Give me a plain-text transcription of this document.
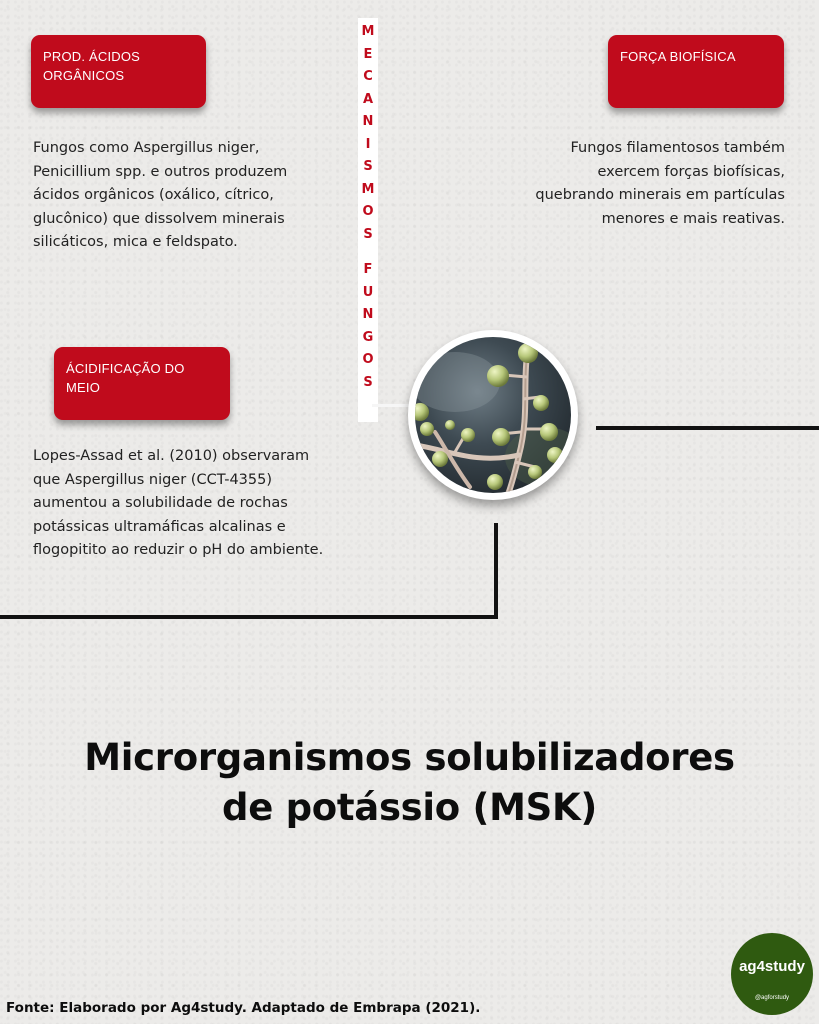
PROD. ÁCIDOS ORGÂNICOS
FORÇA BIOFÍSICA
ÁCIDIFICAÇÃO DO MEIO

Fungos como Aspergillus niger, Penicillium spp. e outros produzem ácidos orgânicos (oxálico, cítrico, glucônico) que dissolvem minerais silicáticos, mica e feldspato.

Fungos filamentosos também exercem forças biofísicas, quebrando minerais em partículas menores e mais reativas.

Lopes-Assad et al. (2010) observaram que Aspergillus niger (CCT-4355) aumentou a solubilidade de rochas potássicas ultramáficas alcalinas e flogopitito ao reduzir o pH do ambiente.

M
E
C
A
N
I
S
M
O
S
F
U
N
G
O
S
Microrganismos solubilizadores
de potássio (MSK)
Fonte: Elaborado por Ag4study. Adaptado de Embrapa (2021).
ag4study
@agforstudy
